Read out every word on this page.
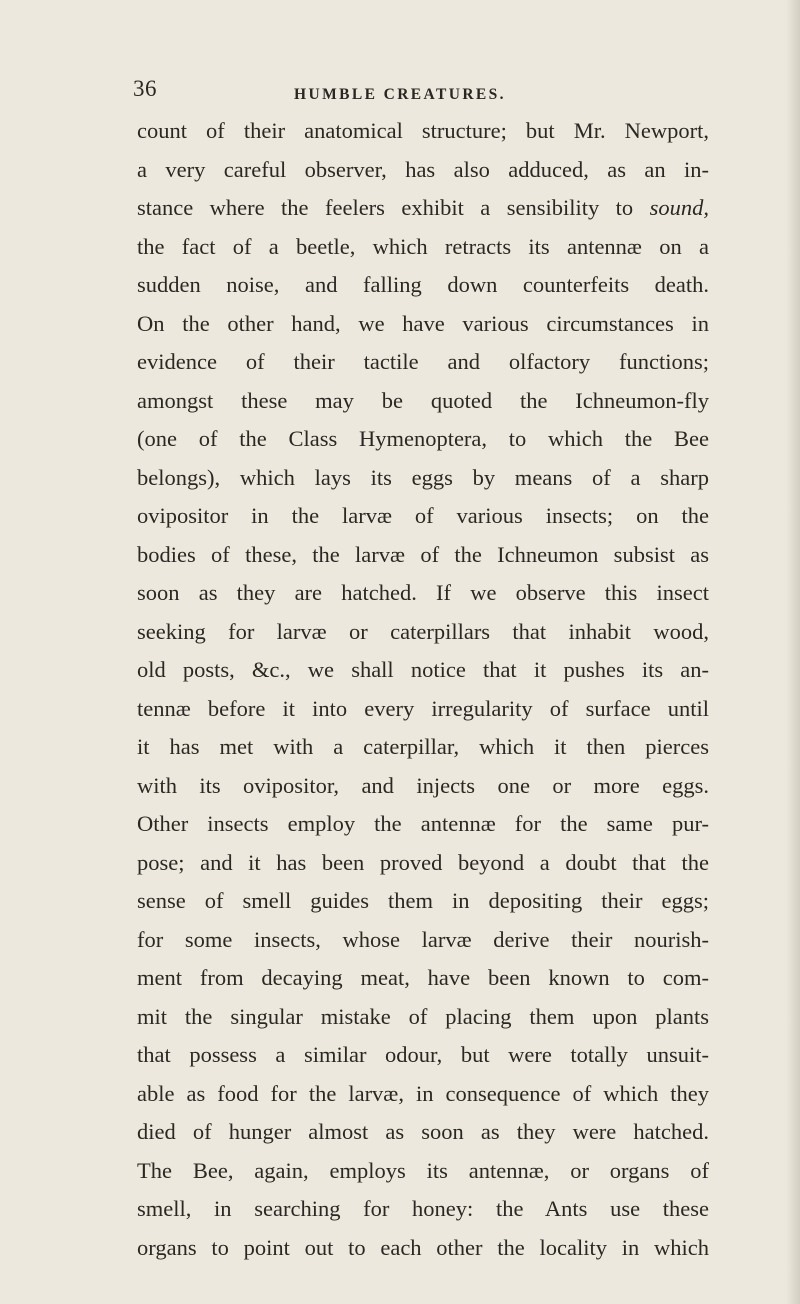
36	HUMBLE CREATURES.
count of their anatomical structure; but Mr. Newport,
a very careful observer, has also adduced, as an in-
stance where the feelers exhibit a sensibility to sound,
the fact of a beetle, which retracts its antennæ on a
sudden noise, and falling down counterfeits death.
On the other hand, we have various circumstances in
evidence of their tactile and olfactory functions;
amongst these may be quoted the Ichneumon-fly
(one of the Class Hymenoptera, to which the Bee
belongs), which lays its eggs by means of a sharp
ovipositor in the larvæ of various insects; on the
bodies of these, the larvæ of the Ichneumon subsist as
soon as they are hatched. If we observe this insect
seeking for larvæ or caterpillars that inhabit wood,
old posts, &c., we shall notice that it pushes its an-
tennæ before it into every irregularity of surface until
it has met with a caterpillar, which it then pierces
with its ovipositor, and injects one or more eggs.
Other insects employ the antennæ for the same pur-
pose; and it has been proved beyond a doubt that the
sense of smell guides them in depositing their eggs;
for some insects, whose larvæ derive their nourish-
ment from decaying meat, have been known to com-
mit the singular mistake of placing them upon plants
that possess a similar odour, but were totally unsuit-
able as food for the larvæ, in consequence of which they
died of hunger almost as soon as they were hatched.
The Bee, again, employs its antennæ, or organs of
smell, in searching for honey: the Ants use these
organs to point out to each other the locality in which
